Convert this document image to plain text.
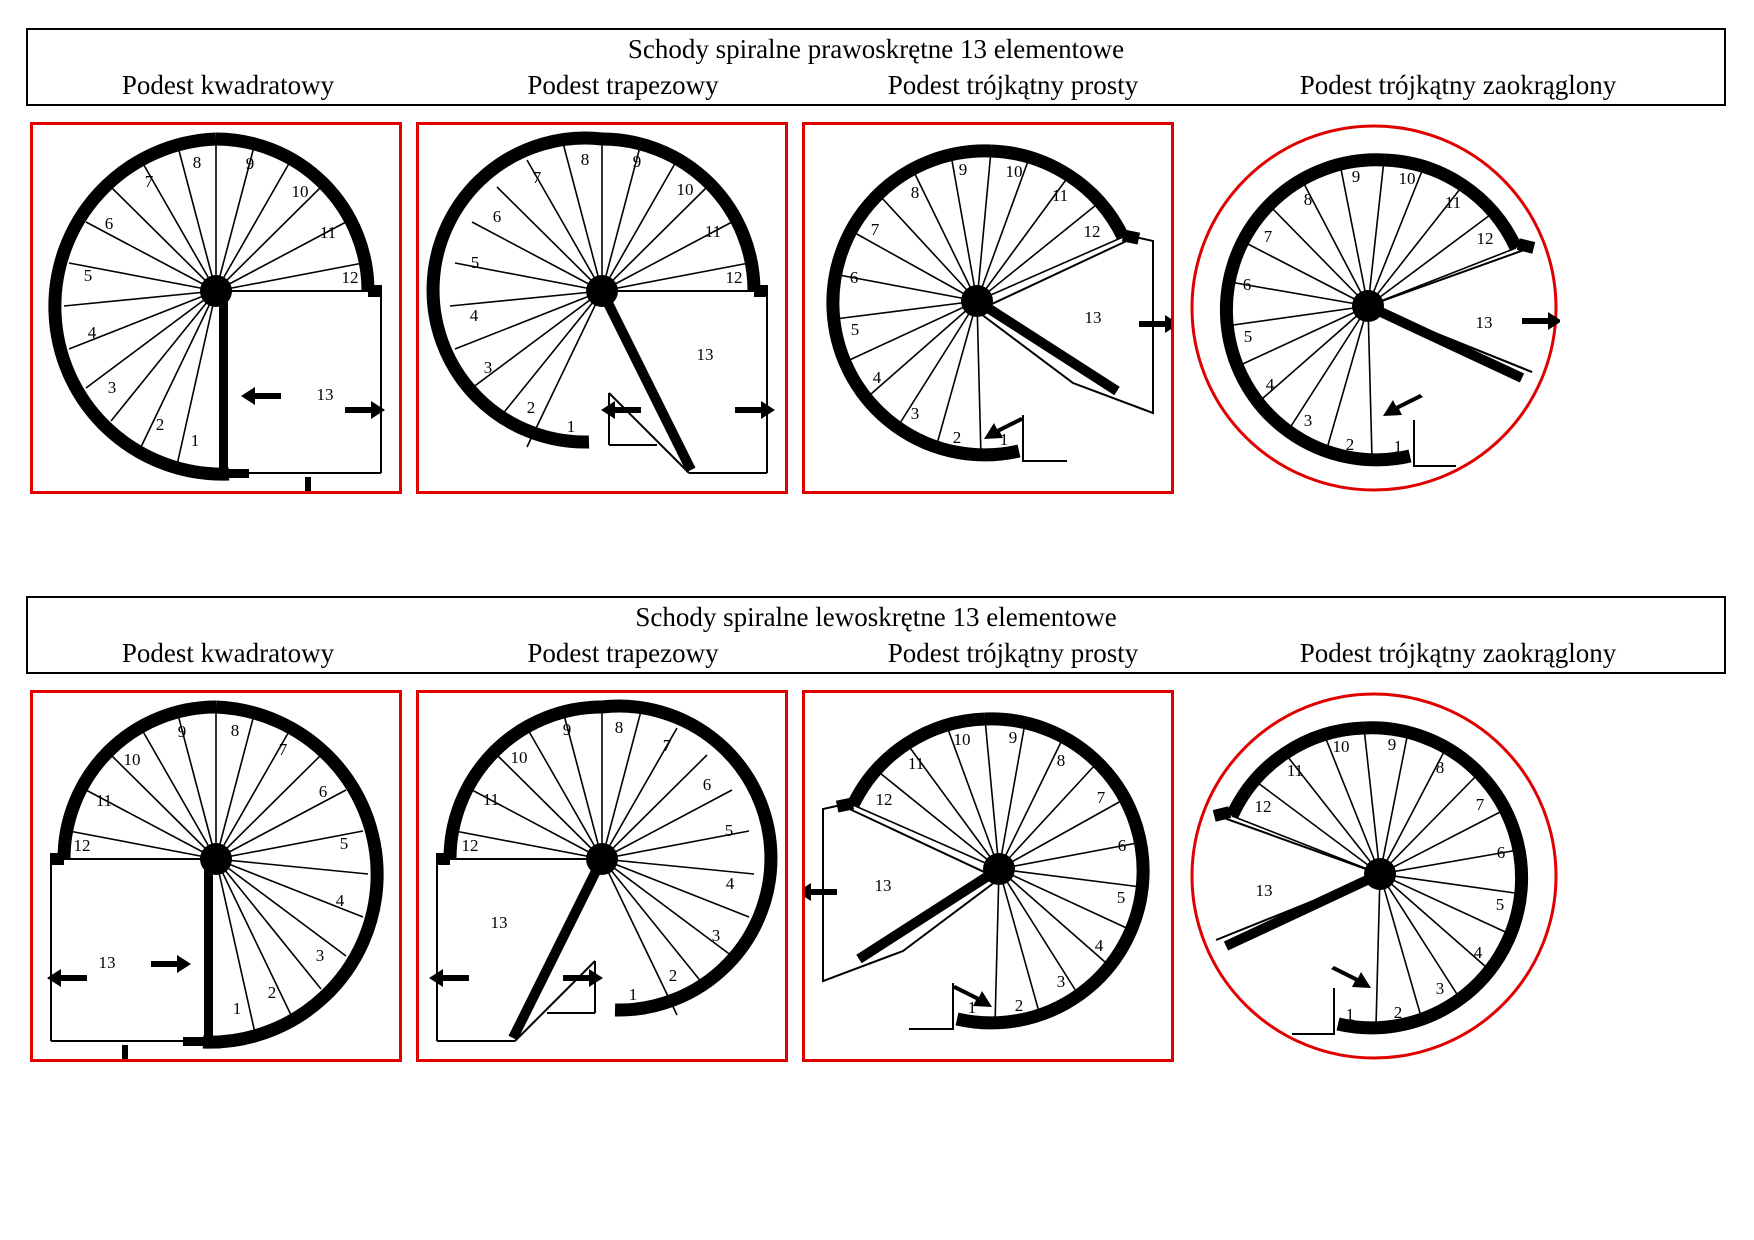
Schody spiralne prawoskrętne 13 elementowe
Podest kwadratowy	Podest trapezowy	Podest trójkątny prosty	Podest trójkątny zaokrąglony
1
2
3
4
5
6
7
8	9
10
11
12
13
1
2
3
4
5
6
7
8	9
10
11
12
13
1
2
3
4
5
6
7
8
9 10
11
12
13
1
2
3
4
5
6
7
8
9 10
11
12
13
Schody spiralne lewoskrętne 13 elementowe
Podest kwadratowy	Podest trapezowy	Podest trójkątny prosty	Podest trójkątny zaokrąglony
1
2
3
4
5
6
7
8
9
10
11
12
13
1
2
3
4
5
6
7
8
9
10
11
12
13
1 2
3
4
5
6
7
8
9
10
11
12
13
1 2
3
4
5
6
7
8
9
10
11
12
13
